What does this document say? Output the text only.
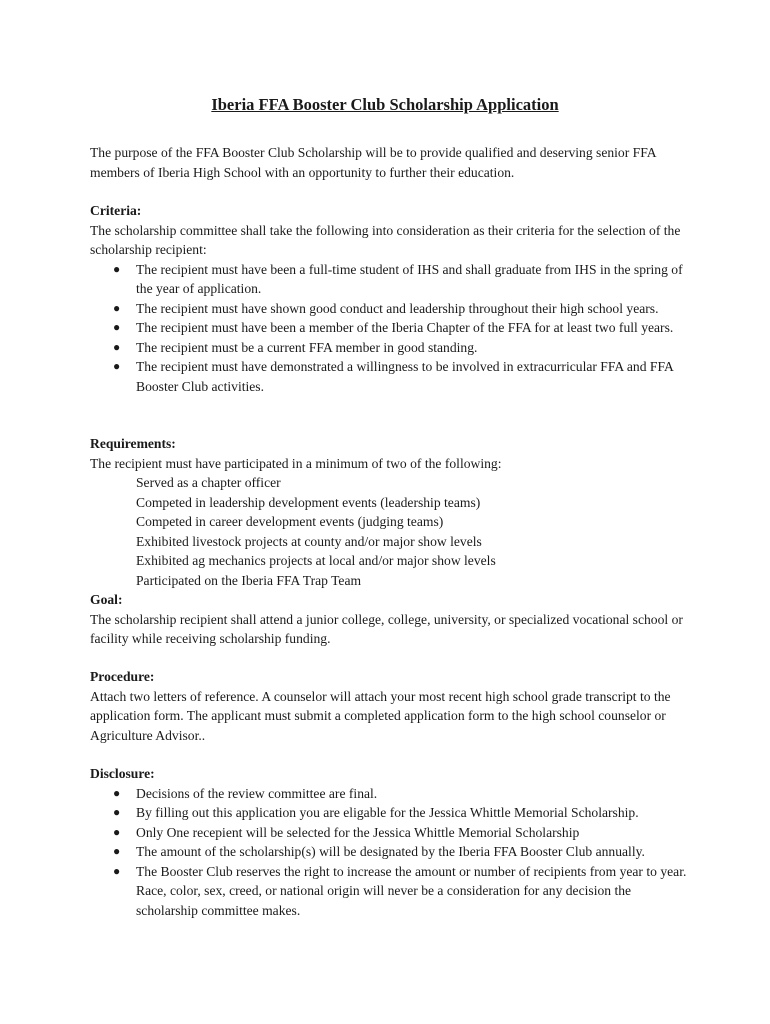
Iberia FFA Booster Club Scholarship Application

The purpose of the FFA Booster Club Scholarship will be to provide qualified and deserving senior FFA members of Iberia High School with an opportunity to further their education.

Criteria:

The scholarship committee shall take the following into consideration as their criteria for the selection of the scholarship recipient:

● The recipient must have been a full-time student of IHS and shall graduate from IHS in the spring of the year of application.
● The recipient must have shown good conduct and leadership throughout their high school years.
● The recipient must have been a member of the Iberia Chapter of the FFA for at least two full years.
● The recipient must be a current FFA member in good standing.
● The recipient must have demonstrated a willingness to be involved in extracurricular FFA and FFA Booster Club activities.

Requirements:

The recipient must have participated in a minimum of two of the following:

Served as a chapter officer
Competed in leadership development events (leadership teams)
Competed in career development events (judging teams)
Exhibited livestock projects at county and/or major show levels
Exhibited ag mechanics projects at local and/or major show levels
Participated on the Iberia FFA Trap Team

Goal:

The scholarship recipient shall attend a junior college, college, university, or specialized vocational school or facility while receiving scholarship funding.

Procedure:

Attach two letters of reference. A counselor will attach your most recent high school grade transcript to the application form. The applicant must submit a completed application form to the high school counselor or Agriculture Advisor..

Disclosure:

● Decisions of the review committee are final.
● By filling out this application you are eligable for the Jessica Whittle Memorial Scholarship.
● Only One recepient will be selected for the Jessica Whittle Memorial Scholarship
● The amount of the scholarship(s) will be designated by the Iberia FFA Booster Club annually.
● The Booster Club reserves the right to increase the amount or number of recipients from year to year. Race, color, sex, creed, or national origin will never be a consideration for any decision the scholarship committee makes.
